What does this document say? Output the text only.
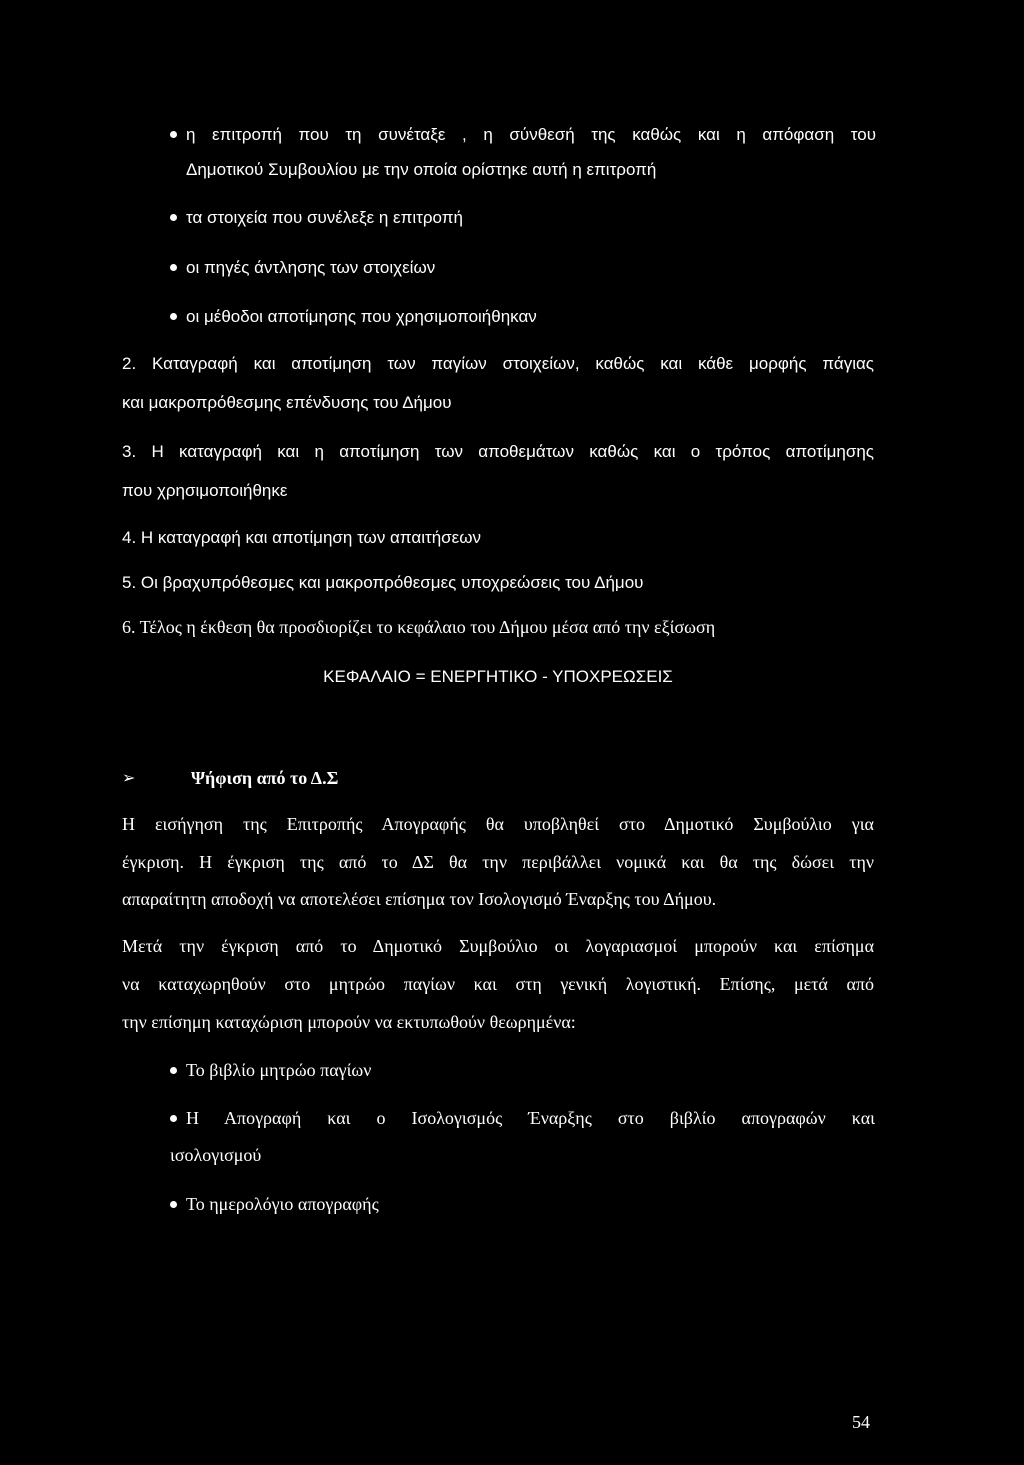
η επιτροπή που τη συνέταξε , η σύνθεσή της καθώς και η απόφαση του
Δημοτικού Συμβουλίου με την οποία ορίστηκε αυτή η επιτροπή
τα στοιχεία που συνέλεξε η επιτροπή
οι πηγές άντλησης των στοιχείων
οι μέθοδοι αποτίμησης που χρησιμοποιήθηκαν
2. Καταγραφή και αποτίμηση των παγίων στοιχείων, καθώς και κάθε μορφής πάγιας
και μακροπρόθεσμης επένδυσης του Δήμου
3. Η καταγραφή και η αποτίμηση των αποθεμάτων καθώς και ο τρόπος αποτίμησης
που χρησιμοποιήθηκε
4. Η καταγραφή και αποτίμηση των απαιτήσεων
5. Οι βραχυπρόθεσμες και μακροπρόθεσμες υποχρεώσεις του Δήμου
6. Τέλος η έκθεση θα προσδιορίζει το κεφάλαιο του Δήμου μέσα από την εξίσωση
ΚΕΦΑΛΑΙΟ = ΕΝΕΡΓΗΤΙΚΟ - ΥΠΟΧΡΕΩΣΕΙΣ
➢	Ψήφιση από το Δ.Σ
Η εισήγηση της Επιτροπής Απογραφής θα υποβληθεί στο Δημοτικό Συμβούλιο για
έγκριση. Η έγκριση της από το ΔΣ θα την περιβάλλει νομικά και θα της δώσει την
απαραίτητη αποδοχή να αποτελέσει επίσημα τον Ισολογισμό Έναρξης του Δήμου.
Μετά την έγκριση από το Δημοτικό Συμβούλιο οι λογαριασμοί μπορούν και επίσημα
να καταχωρηθούν στο μητρώο παγίων και στη γενική λογιστική. Επίσης, μετά από
την επίσημη καταχώριση μπορούν να εκτυπωθούν θεωρημένα:
Το βιβλίο μητρώο παγίων
Η Απογραφή και ο Ισολογισμός Έναρξης στο βιβλίο απογραφών και
ισολογισμού
Το ημερολόγιο απογραφής
54
